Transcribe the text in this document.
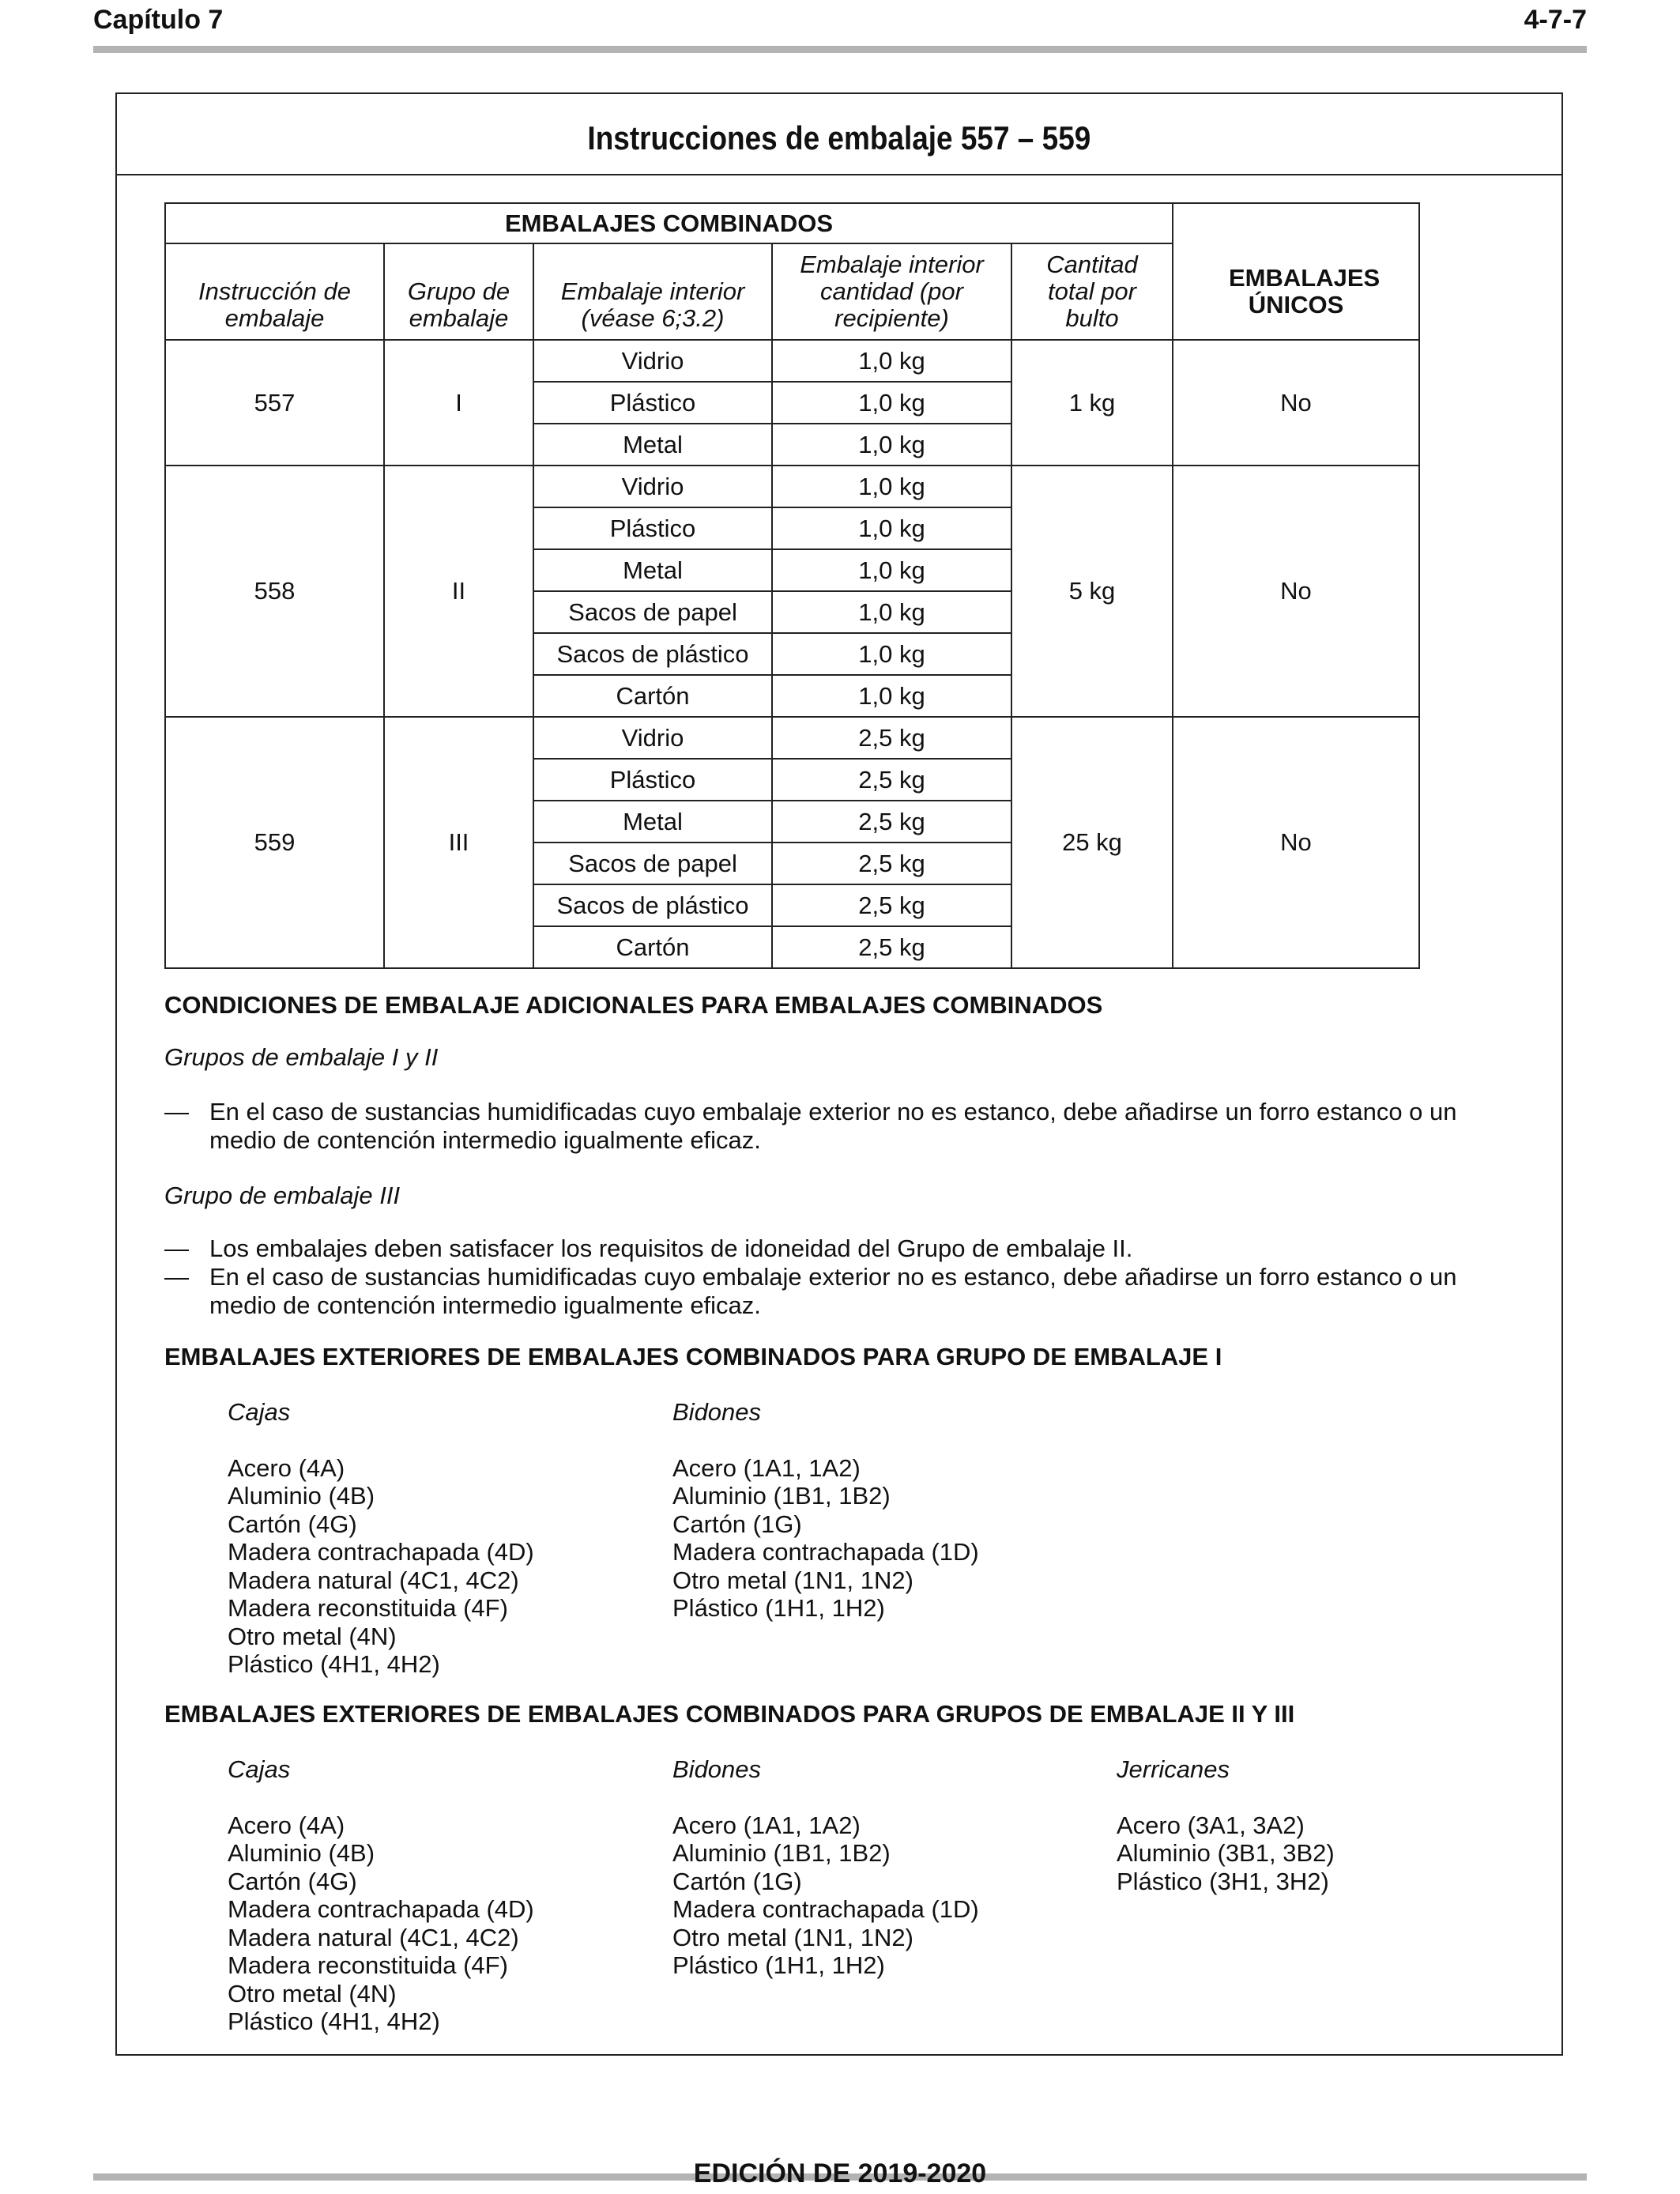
Capítulo 7	4-7-7
Instrucciones de embalaje 557 – 559
EMBALAJES COMBINADOS					EMBALAJES ÚNICOS

Instrucción de embalaje	Grupo de embalaje	Embalaje interior (véase 6;3.2)	Embalaje interior cantidad (por recipiente)	Cantitad total por bulto	

557	I	Vidrio	1,0 kg	1 kg	No
		Plástico	1,0 kg		
		Metal	1,0 kg		
558	II	Vidrio	1,0 kg	5 kg	No
		Plástico	1,0 kg		
		Metal	1,0 kg		
		Sacos de papel	1,0 kg		
		Sacos de plástico	1,0 kg		
		Cartón	1,0 kg		
559	III	Vidrio	2,5 kg	25 kg	No
		Plástico	2,5 kg		
		Metal	2,5 kg		
		Sacos de papel	2,5 kg		
		Sacos de plástico	2,5 kg		
		Cartón	2,5 kg		
CONDICIONES DE EMBALAJE ADICIONALES PARA EMBALAJES COMBINADOS
Grupos de embalaje I y II
— En el caso de sustancias humidificadas cuyo embalaje exterior no es estanco, debe añadirse un forro estanco o un medio de contención intermedio igualmente eficaz.
Grupo de embalaje III
— Los embalajes deben satisfacer los requisitos de idoneidad del Grupo de embalaje II.
— En el caso de sustancias humidificadas cuyo embalaje exterior no es estanco, debe añadirse un forro estanco o un medio de contención intermedio igualmente eficaz.
EMBALAJES EXTERIORES DE EMBALAJES COMBINADOS PARA GRUPO DE EMBALAJE I
Cajas
Acero (4A)
Aluminio (4B)
Cartón (4G)
Madera contrachapada (4D)
Madera natural (4C1, 4C2)
Madera reconstituida (4F)
Otro metal (4N)
Plástico (4H1, 4H2)
Bidones
Acero (1A1, 1A2)
Aluminio (1B1, 1B2)
Cartón (1G)
Madera contrachapada (1D)
Otro metal (1N1, 1N2)
Plástico (1H1, 1H2)
EMBALAJES EXTERIORES DE EMBALAJES COMBINADOS PARA GRUPOS DE EMBALAJE II Y III
Cajas
Acero (4A)
Aluminio (4B)
Cartón (4G)
Madera contrachapada (4D)
Madera natural (4C1, 4C2)
Madera reconstituida (4F)
Otro metal (4N)
Plástico (4H1, 4H2)
Bidones
Acero (1A1, 1A2)
Aluminio (1B1, 1B2)
Cartón (1G)
Madera contrachapada (1D)
Otro metal (1N1, 1N2)
Plástico (1H1, 1H2)
Jerricanes
Acero (3A1, 3A2)
Aluminio (3B1, 3B2)
Plástico (3H1, 3H2)
EDICIÓN DE 2019-2020
